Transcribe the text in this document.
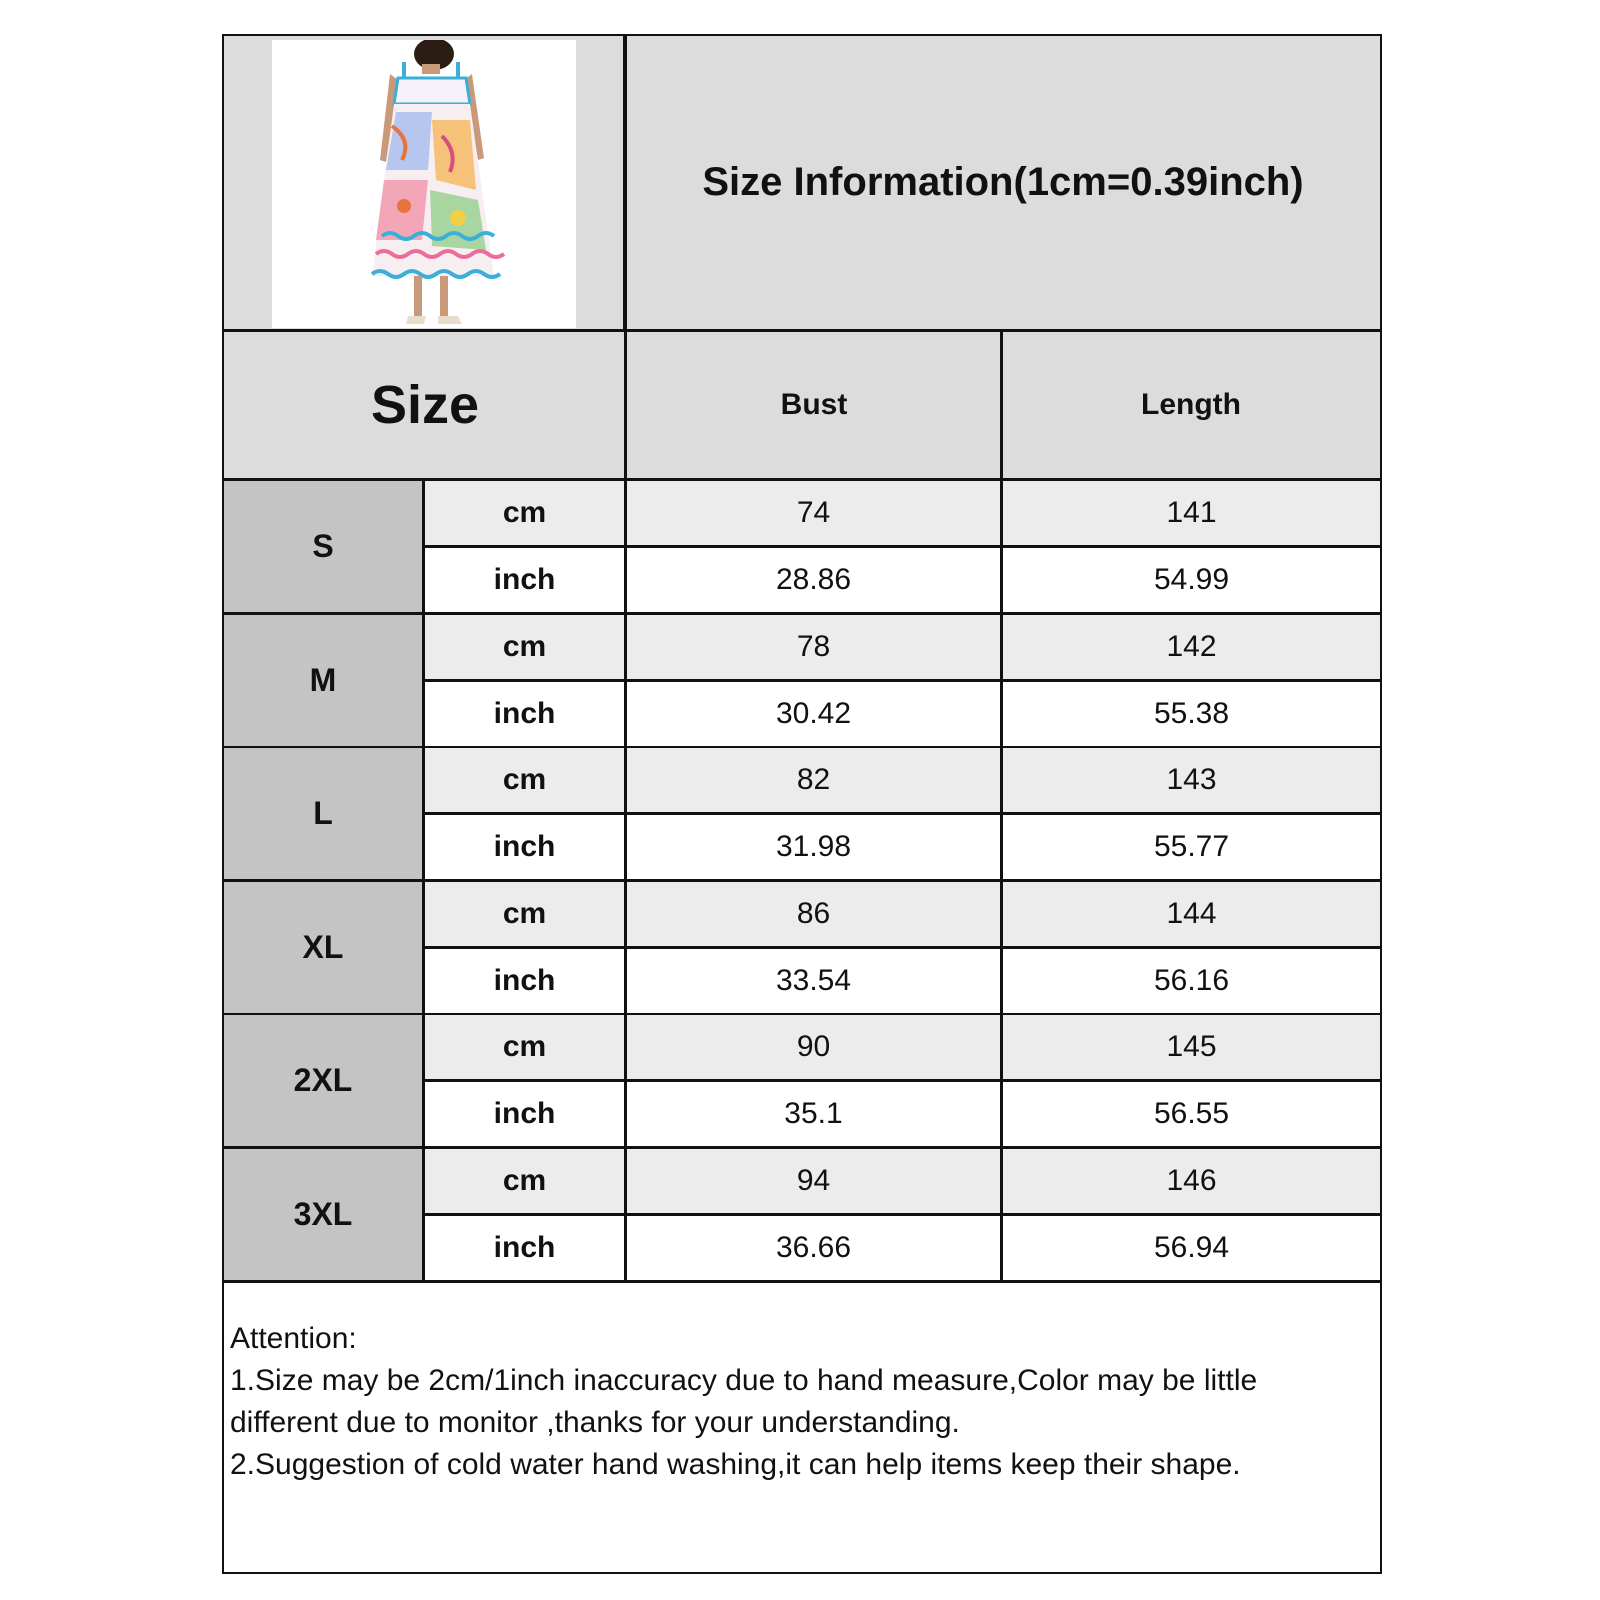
Size Information(1cm=0.39inch)
Size	Bust	Length
S
cm	74	141
inch	28.86	54.99
M
cm	78	142
inch	30.42	55.38
L
cm	82	143
inch	31.98	55.77
XL
cm	86	144
inch	33.54	56.16
2XL
cm	90	145
inch	35.1	56.55
3XL
cm	94	146
inch	36.66	56.94
Attention:
1.Size may be 2cm/1inch inaccuracy due to hand measure,Color may be little
different due to monitor ,thanks for your understanding.
2.Suggestion of cold water hand washing,it can help items keep their shape.
